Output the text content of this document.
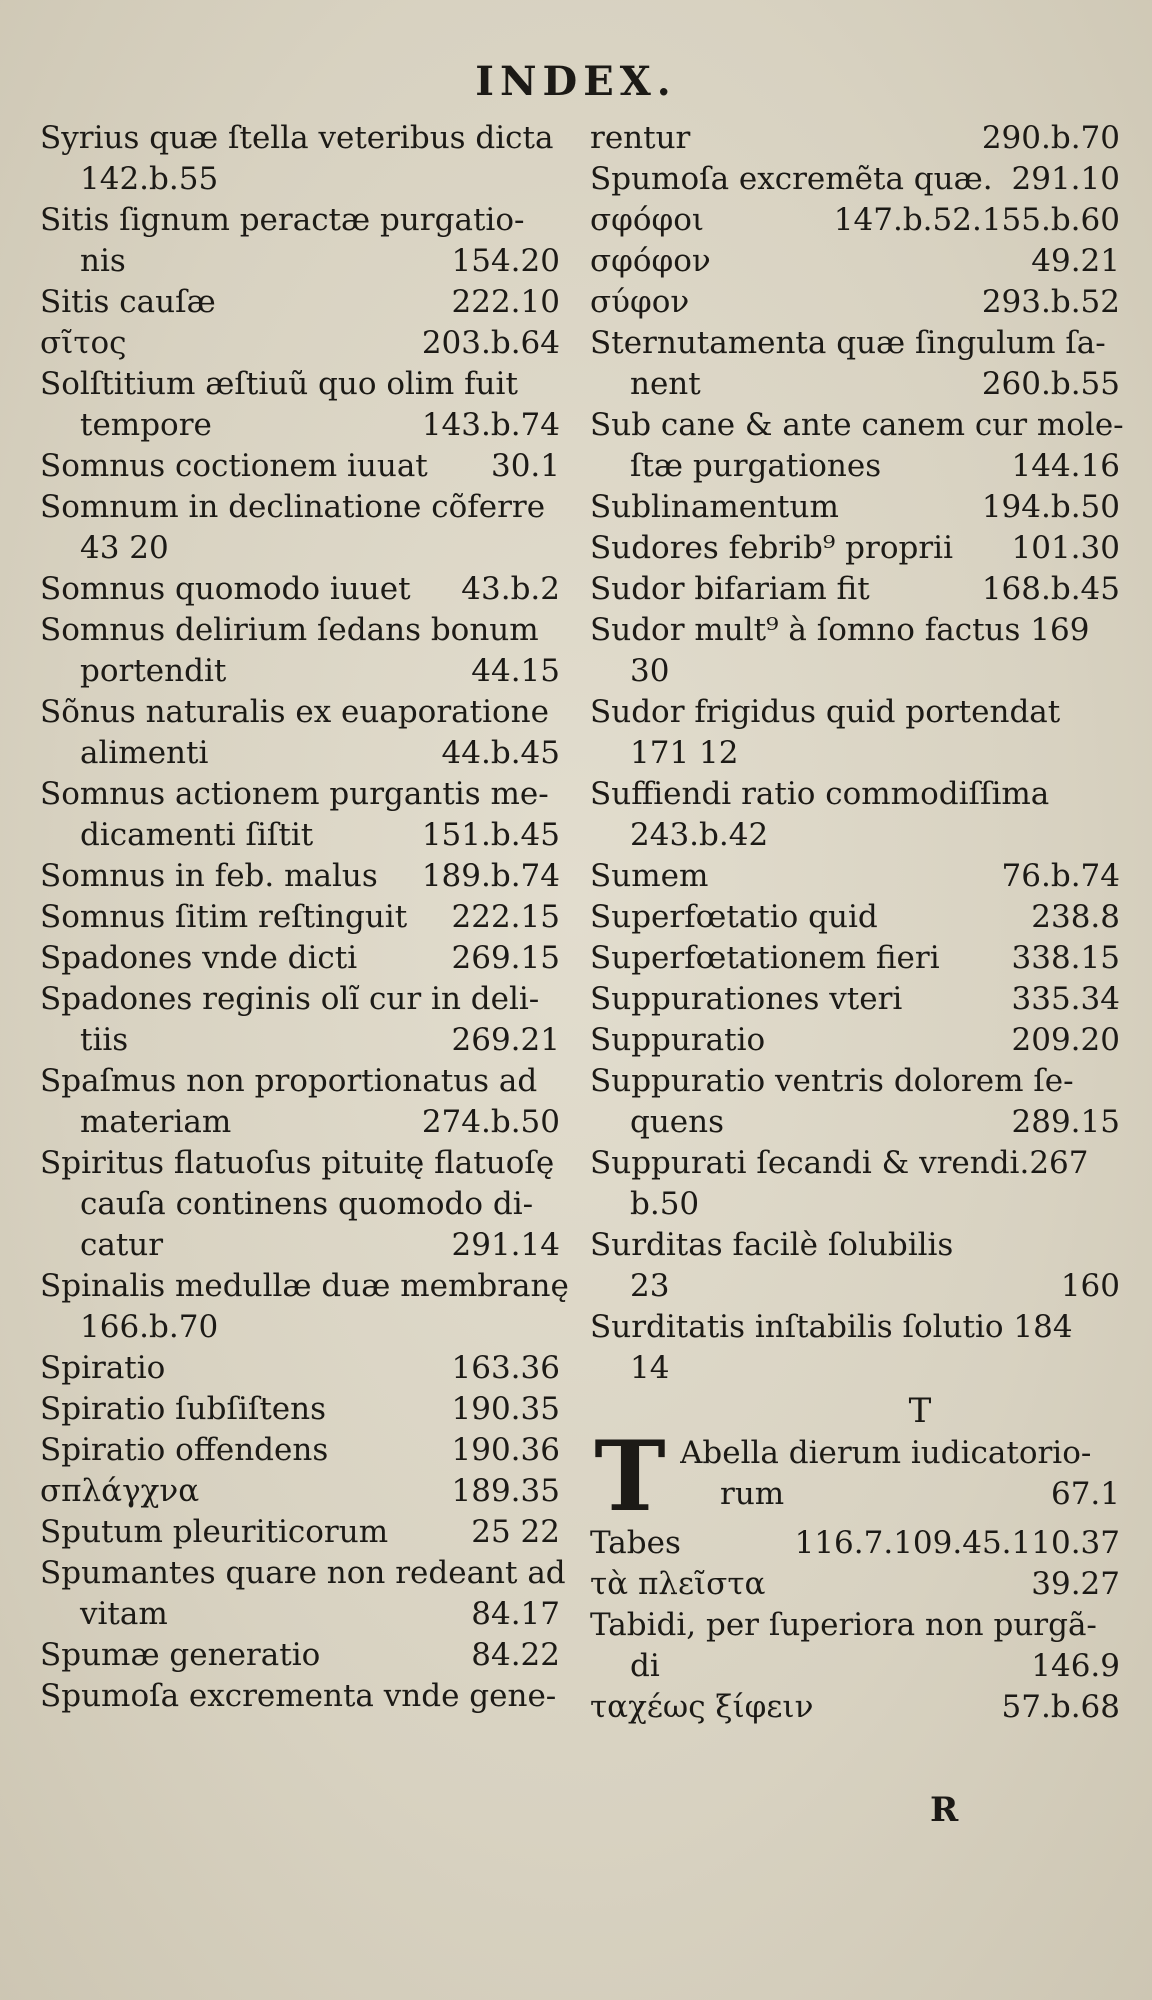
INDEX.
Syrius quæ ſtella veteribus dicta
142.b.55
Sitis ſignum peractæ purgatio-
nis	154.20
Sitis cauſæ	222.10
σῖτος	203.b.64
Solſtitium æſtiuũ quo olim fuit
tempore	143.b.74
Somnus coctionem iuuat	30.1
Somnum in declinatione cõferre
43 20
Somnus quomodo iuuet	43.b.2
Somnus delirium ſedans bonum
portendit	44.15
Sõnus naturalis ex euaporatione
alimenti	44.b.45
Somnus actionem purgantis me-
dicamenti ſiſtit	151.b.45
Somnus in feb. malus	189.b.74
Somnus ſitim reſtinguit	222.15
Spadones vnde dicti	269.15
Spadones reginis olĩ cur in deli-
tiis	269.21
Spaſmus non proportionatus ad
materiam	274.b.50
Spiritus flatuoſus pituitę flatuoſę
cauſa continens quomodo di-
catur	291.14
Spinalis medullæ duæ membranę
166.b.70
Spiratio	163.36
Spiratio ſubſiſtens	190.35
Spiratio offendens	190.36
σπλάγχνα	189.35
Sputum pleuriticorum	25 22
Spumantes quare non redeant ad
vitam	84.17
Spumæ generatio	84.22
Spumoſa excrementa vnde gene-
rentur	290.b.70
Spumoſa excremẽta quæ. 291.10
σφόφοι	147.b.52.155.b.60
σφόφον	49.21
σύφον	293.b.52
Sternutamenta quæ ſingulum ſa-
nent	260.b.55
Sub cane & ante canem cur mole-
ſtæ purgationes	144.16
Sublinamentum	194.b.50
Sudores febrib⁹ proprii	101.30
Sudor bifariam fit	168.b.45
Sudor mult⁹ à ſomno factus 169
30
Sudor frigidus quid portendat
171 12
Suffiendi ratio commodiſſima
243.b.42
Sumem	76.b.74
Superfœtatio quid	238.8
Superfœtationem fieri	338.15
Suppurationes vteri	335.34
Suppuratio	209.20
Suppuratio ventris dolorem ſe-
quens	289.15
Suppurati ſecandi & vrendi.267
b.50
Surditas facilè ſolubilis
23	160
Surditatis inſtabilis ſolutio 184
14
T
T Abella dierum iudicatorio-
rum	67.1
Tabes	116.7.109.45.110.37
τὰ πλεῖστα	39.27
Tabidi, per ſuperiora non purgã-
di	146.9
ταχέως ξίφειν	57.b.68
R
